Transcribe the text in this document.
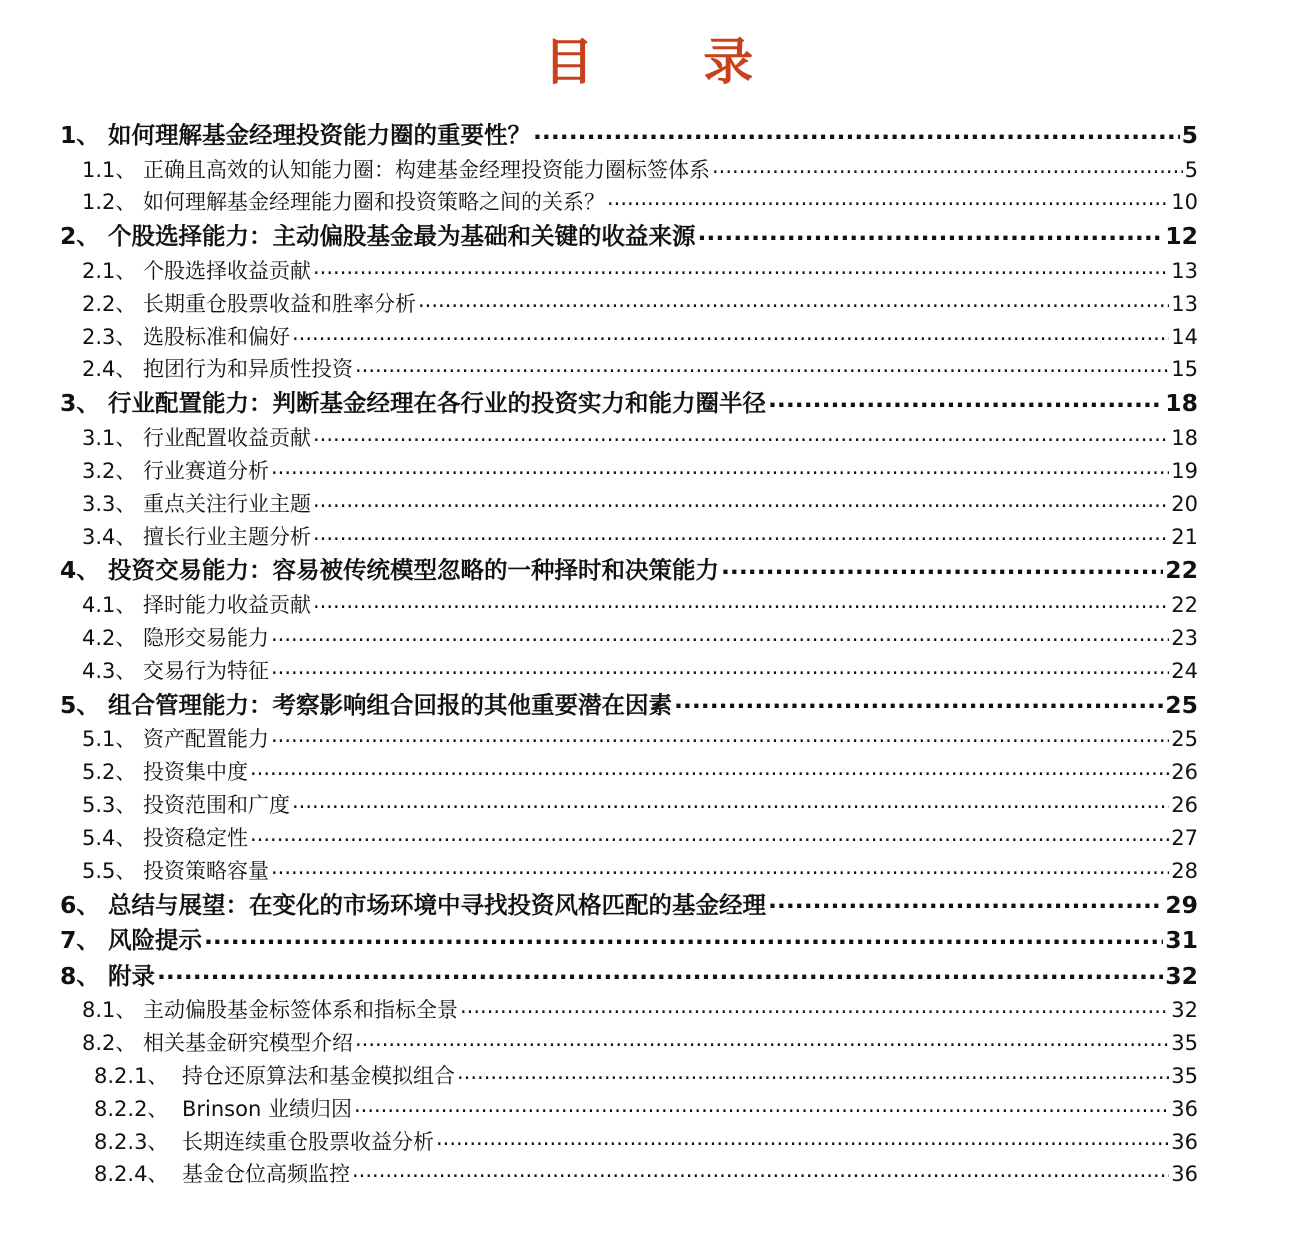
目 录
1、 如何理解基金经理投资能力圈的重要性？ .....	5
1.1、 正确且高效的认知能力圈：构建基金经理投资能力圈标签体系 .....	5
1.2、 如何理解基金经理能力圈和投资策略之间的关系？ .....	10
2、 个股选择能力：主动偏股基金最为基础和关键的收益来源 .....	12
2.1、 个股选择收益贡献 .....	13
2.2、 长期重仓股票收益和胜率分析 .....	13
2.3、 选股标准和偏好 .....	14
2.4、 抱团行为和异质性投资 .....	15
3、 行业配置能力：判断基金经理在各行业的投资实力和能力圈半径 .....	18
3.1、 行业配置收益贡献 .....	18
3.2、 行业赛道分析 .....	19
3.3、 重点关注行业主题 .....	20
3.4、 擅长行业主题分析 .....	21
4、 投资交易能力：容易被传统模型忽略的一种择时和决策能力 .....	22
4.1、 择时能力收益贡献 .....	22
4.2、 隐形交易能力 .....	23
4.3、 交易行为特征 .....	24
5、 组合管理能力：考察影响组合回报的其他重要潜在因素 .....	25
5.1、 资产配置能力 .....	25
5.2、 投资集中度 .....	26
5.3、 投资范围和广度 .....	26
5.4、 投资稳定性 .....	27
5.5、 投资策略容量 .....	28
6、 总结与展望：在变化的市场环境中寻找投资风格匹配的基金经理 .....	29
7、 风险提示 .....	31
8、 附录 .....	32
8.1、 主动偏股基金标签体系和指标全景 .....	32
8.2、 相关基金研究模型介绍 .....	35
8.2.1、 持仓还原算法和基金模拟组合 .....	35
8.2.2、 Brinson 业绩归因 .....	36
8.2.3、 长期连续重仓股票收益分析 .....	36
8.2.4、 基金仓位高频监控 .....	36
